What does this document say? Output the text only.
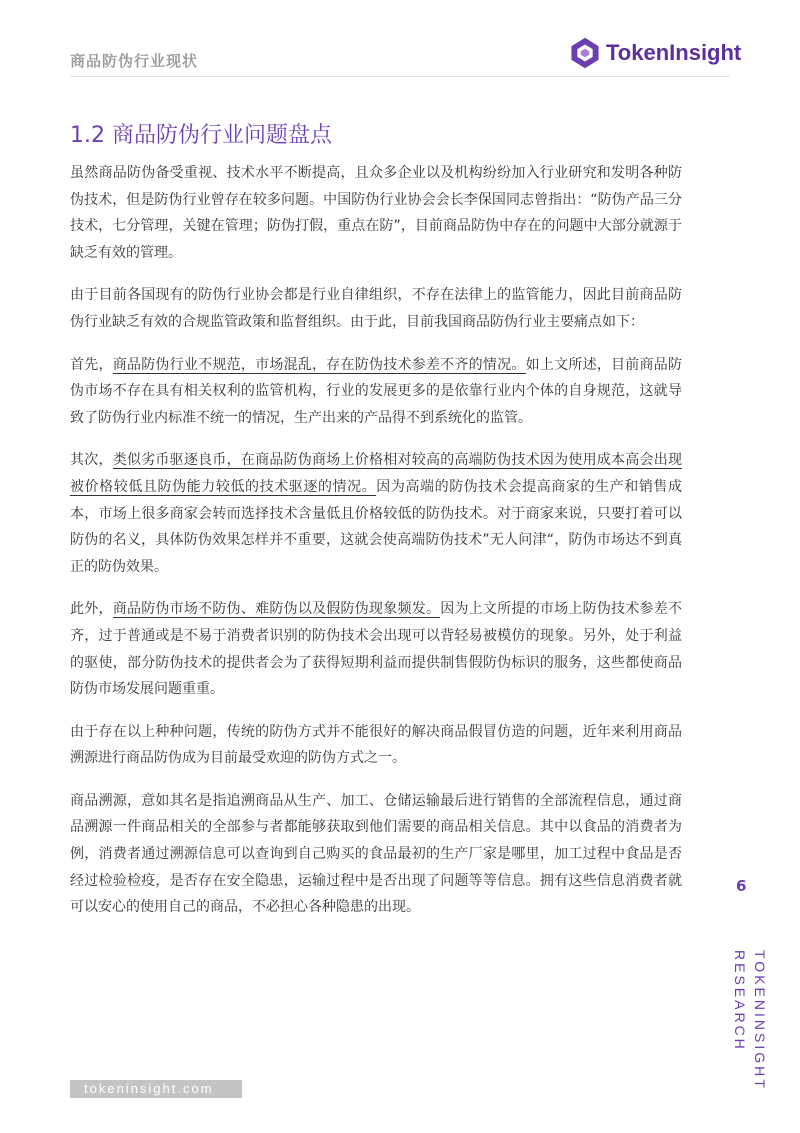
商品防伪行业现状	TokenInsight
1.2 商品防伪行业问题盘点

虽然商品防伪备受重视、技术水平不断提高，且众多企业以及机构纷纷加入行业研究和发明各种防伪技术，但是防伪行业曾存在较多问题。中国防伪行业协会会长李保国同志曾指出：“防伪产品三分技术，七分管理，关键在管理；防伪打假，重点在防”，目前商品防伪中存在的问题中大部分就源于缺乏有效的管理。

由于目前各国现有的防伪行业协会都是行业自律组织，不存在法律上的监管能力，因此目前商品防伪行业缺乏有效的合规监管政策和监督组织。由于此，目前我国商品防伪行业主要痛点如下：

首先，商品防伪行业不规范，市场混乱，存在防伪技术参差不齐的情况。如上文所述，目前商品防伪市场不存在具有相关权利的监管机构，行业的发展更多的是依靠行业内个体的自身规范，这就导致了防伪行业内标准不统一的情况，生产出来的产品得不到系统化的监管。

其次，类似劣币驱逐良币，在商品防伪商场上价格相对较高的高端防伪技术因为使用成本高会出现被价格较低且防伪能力较低的技术驱逐的情况。因为高端的防伪技术会提高商家的生产和销售成本，市场上很多商家会转而选择技术含量低且价格较低的防伪技术。对于商家来说，只要打着可以防伪的名义，具体防伪效果怎样并不重要，这就会使高端防伪技术”无人问津“，防伪市场达不到真正的防伪效果。

此外，商品防伪市场不防伪、难防伪以及假防伪现象频发。因为上文所提的市场上防伪技术参差不齐，过于普通或是不易于消费者识别的防伪技术会出现可以背轻易被模仿的现象。另外，处于利益的驱使，部分防伪技术的提供者会为了获得短期利益而提供制售假防伪标识的服务，这些都使商品防伪市场发展问题重重。

由于存在以上种种问题，传统的防伪方式并不能很好的解决商品假冒仿造的问题，近年来利用商品溯源进行商品防伪成为目前最受欢迎的防伪方式之一。

商品溯源，意如其名是指追溯商品从生产、加工、仓储运输最后进行销售的全部流程信息，通过商品溯源一件商品相关的全部参与者都能够获取到他们需要的商品相关信息。其中以食品的消费者为例，消费者通过溯源信息可以查询到自己购买的食品最初的生产厂家是哪里，加工过程中食品是否经过检验检疫，是否存在安全隐患，运输过程中是否出现了问题等等信息。拥有这些信息消费者就可以安心的使用自己的商品，不必担心各种隐患的出现。

6
TOKENINSIGHT
RESEARCH
tokeninsight.com
